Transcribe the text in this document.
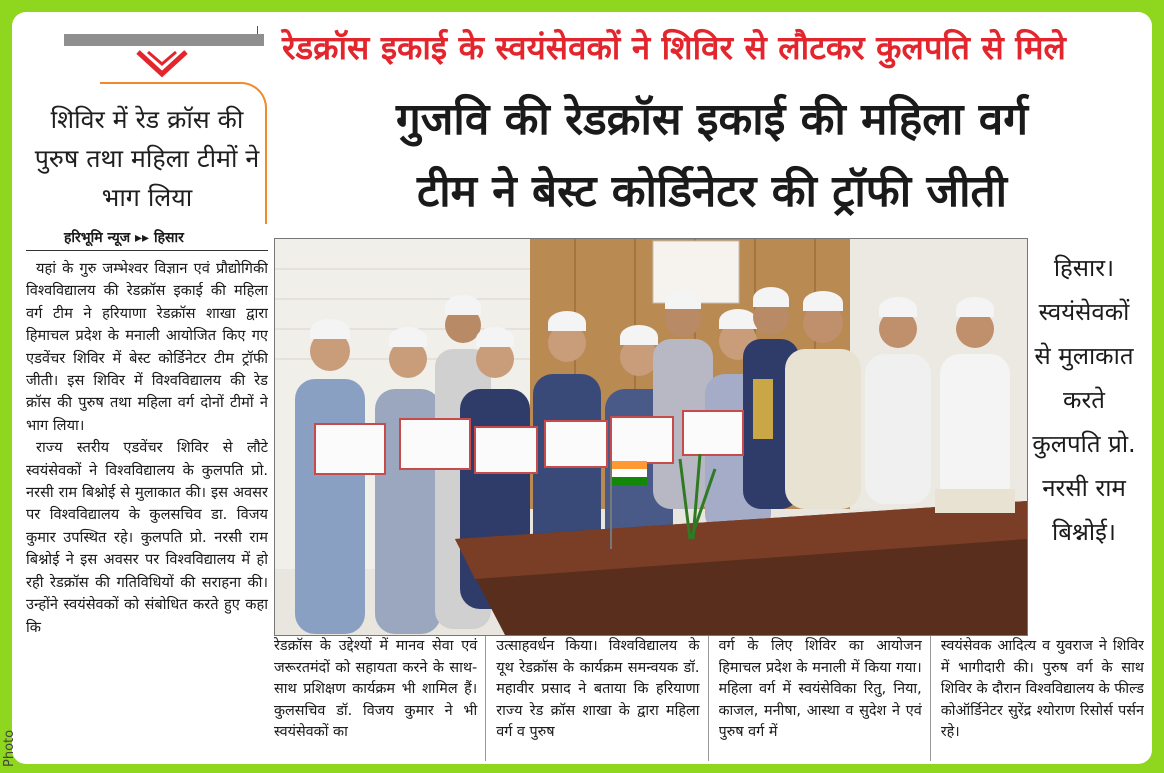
रेडक्रॉस इकाई के स्वयंसेवकों ने शिविर से लौटकर कुलपति से मिले
गुजवि की रेडक्रॉस इकाई की महिला वर्ग
टीम ने बेस्ट कोर्डिनेटर की ट्रॉफी जीती
शिविर में रेड क्रॉस की पुरुष तथा महिला टीमों ने भाग लिया
हरिभूमि न्यूज ▸▸ हिसार

यहां के गुरु जम्भेश्वर विज्ञान एवं प्रौद्योगिकी विश्वविद्यालय की रेडक्रॉस इकाई की महिला वर्ग टीम ने हरियाणा रेडक्रॉस शाखा द्वारा हिमाचल प्रदेश के मनाली आयोजित किए गए एडवेंचर शिविर में बेस्ट कोर्डिनेटर टीम ट्रॉफी जीती। इस शिविर में विश्वविद्यालय की रेड क्रॉस की पुरुष तथा महिला वर्ग दोनों टीमों ने भाग लिया।

राज्य स्तरीय एडवेंचर शिविर से लौटे स्वयंसेवकों ने विश्वविद्यालय के कुलपति प्रो. नरसी राम बिश्नोई से मुलाकात की। इस अवसर पर विश्वविद्यालय के कुलसचिव डा. विजय कुमार उपस्थित रहे। कुलपति प्रो. नरसी राम बिश्नोई ने इस अवसर पर विश्वविद्यालय में हो रही रेडक्रॉस की गतिविधियों की सराहना की। उन्होंने स्वयंसेवकों को संबोधित करते हुए कहा कि

हिसार। स्वयंसेवकों से मुलाकात करते कुलपति प्रो. नरसी राम बिश्नोई।
रेडक्रॉस के उद्देश्यों में मानव सेवा एवं जरूरतमंदों को सहायता करने के साथ-साथ प्रशिक्षण कार्यक्रम भी शामिल हैं। कुलसचिव डॉ. विजय कुमार ने भी स्वयंसेवकों का
उत्साहवर्धन किया। विश्वविद्यालय के यूथ रेडक्रॉस के कार्यक्रम समन्वयक डॉ. महावीर प्रसाद ने बताया कि हरियाणा राज्य रेड क्रॉस शाखा के द्वारा महिला वर्ग व पुरुष
वर्ग के लिए शिविर का आयोजन हिमाचल प्रदेश के मनाली में किया गया। महिला वर्ग में स्वयंसेविका रितु, निया, काजल, मनीषा, आस्था व सुदेश ने एवं पुरुष वर्ग में
स्वयंसेवक आदित्य व युवराज ने शिविर में भागीदारी की। पुरुष वर्ग के साथ शिविर के दौरान विश्वविद्यालय के फील्ड कोऑर्डिनेटर सुरेंद्र श्योराण रिसोर्स पर्सन रहे।
Photo
